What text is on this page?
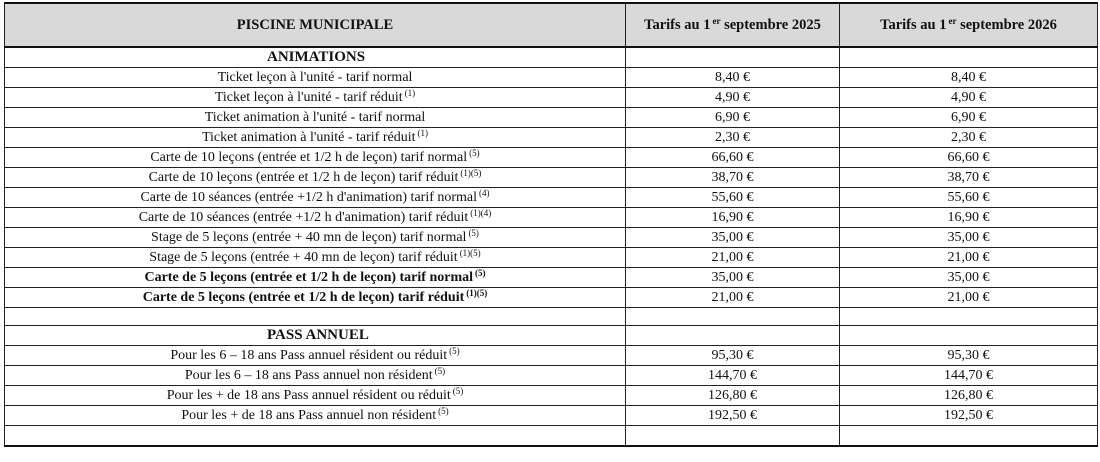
PISCINE MUNICIPALE	Tarifs au 1 $^{er}$ septembre 2025	Tarifs au 1 $^{er}$ septembre 2026
ANIMATIONS		
Ticket leçon à l'unité - tarif normal	8,40 €	8,40 €
Ticket leçon à l'unité - tarif réduit $^{(1)}$	4,90 €	4,90 €
Ticket animation à l'unité - tarif normal	6,90 €	6,90 €
Ticket animation à l'unité - tarif réduit $^{(1)}$	2,30 €	2,30 €
Carte de 10 leçons (entrée et 1/2 h de leçon) tarif normal $^{(5)}$	66,60 €	66,60 €
Carte de 10 leçons (entrée et 1/2 h de leçon) tarif réduit $^{(1)(5)}$	38,70 €	38,70 €
Carte de 10 séances (entrée +1/2 h d'animation) tarif normal $^{(4)}$	55,60 €	55,60 €
Carte de 10 séances (entrée +1/2 h d'animation) tarif réduit $^{(1)(4)}$	16,90 €	16,90 €
Stage de 5 leçons (entrée + 40 mn de leçon) tarif normal $^{(5)}$	35,00 €	35,00 €
Stage de 5 leçons (entrée + 40 mn de leçon) tarif réduit $^{(1)(5)}$	21,00 €	21,00 €
Carte de 5 leçons (entrée et 1/2 h de leçon) tarif normal $^{(5)}$	35,00 €	35,00 €
Carte de 5 leçons (entrée et 1/2 h de leçon) tarif réduit $^{(1)(5)}$	21,00 €	21,00 €

PASS ANNUEL		
Pour les 6 – 18 ans Pass annuel résident ou réduit $^{(5)}$	95,30 €	95,30 €
Pour les 6 – 18 ans Pass annuel non résident $^{(5)}$	144,70 €	144,70 €
Pour les + de 18 ans Pass annuel résident ou réduit $^{(5)}$	126,80 €	126,80 €
Pour les + de 18 ans Pass annuel non résident $^{(5)}$	192,50 €	192,50 €
